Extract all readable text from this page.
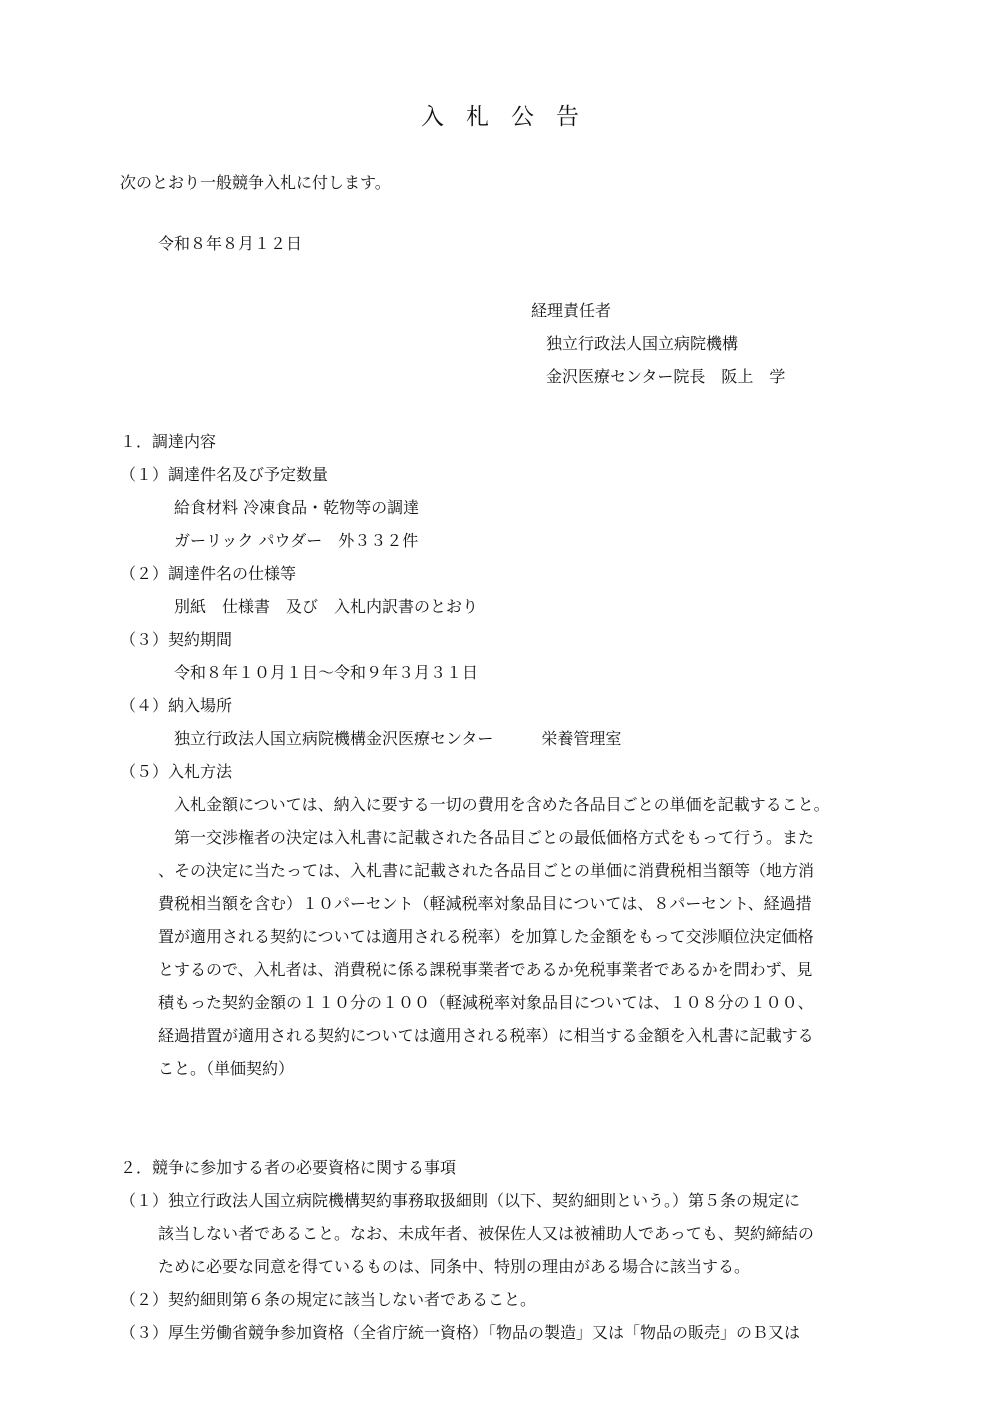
入札公告
次のとおり一般競争入札に付します。
令和８年８月１２日
経理責任者
独立行政法人国立病院機構
金沢医療センター院長　阪上　学
１．調達内容
（１）調達件名及び予定数量
給食材料 冷凍食品・乾物等の調達
ガーリック パウダー　外３３２件
（２）調達件名の仕様等
別紙　仕様書　及び　入札内訳書のとおり
（３）契約期間
令和８年１０月１日～令和９年３月３１日
（４）納入場所
独立行政法人国立病院機構金沢医療センター　　　栄養管理室
（５）入札方法
入札金額については、納入に要する一切の費用を含めた各品目ごとの単価を記載すること。
第一交渉権者の決定は入札書に記載された各品目ごとの最低価格方式をもって行う。また
、その決定に当たっては、入札書に記載された各品目ごとの単価に消費税相当額等（地方消
費税相当額を含む）１０パーセント（軽減税率対象品目については、８パーセント、経過措
置が適用される契約については適用される税率）を加算した金額をもって交渉順位決定価格
とするので、入札者は、消費税に係る課税事業者であるか免税事業者であるかを問わず、見
積もった契約金額の１１０分の１００（軽減税率対象品目については、１０８分の１００、
経過措置が適用される契約については適用される税率）に相当する金額を入札書に記載する
こと。（単価契約）
２．競争に参加する者の必要資格に関する事項
（１）独立行政法人国立病院機構契約事務取扱細則（以下、契約細則という。）第５条の規定に
該当しない者であること。なお、未成年者、被保佐人又は被補助人であっても、契約締結の
ために必要な同意を得ているものは、同条中、特別の理由がある場合に該当する。
（２）契約細則第６条の規定に該当しない者であること。
（３）厚生労働省競争参加資格（全省庁統一資格）「物品の製造」又は「物品の販売」のＢ又は
